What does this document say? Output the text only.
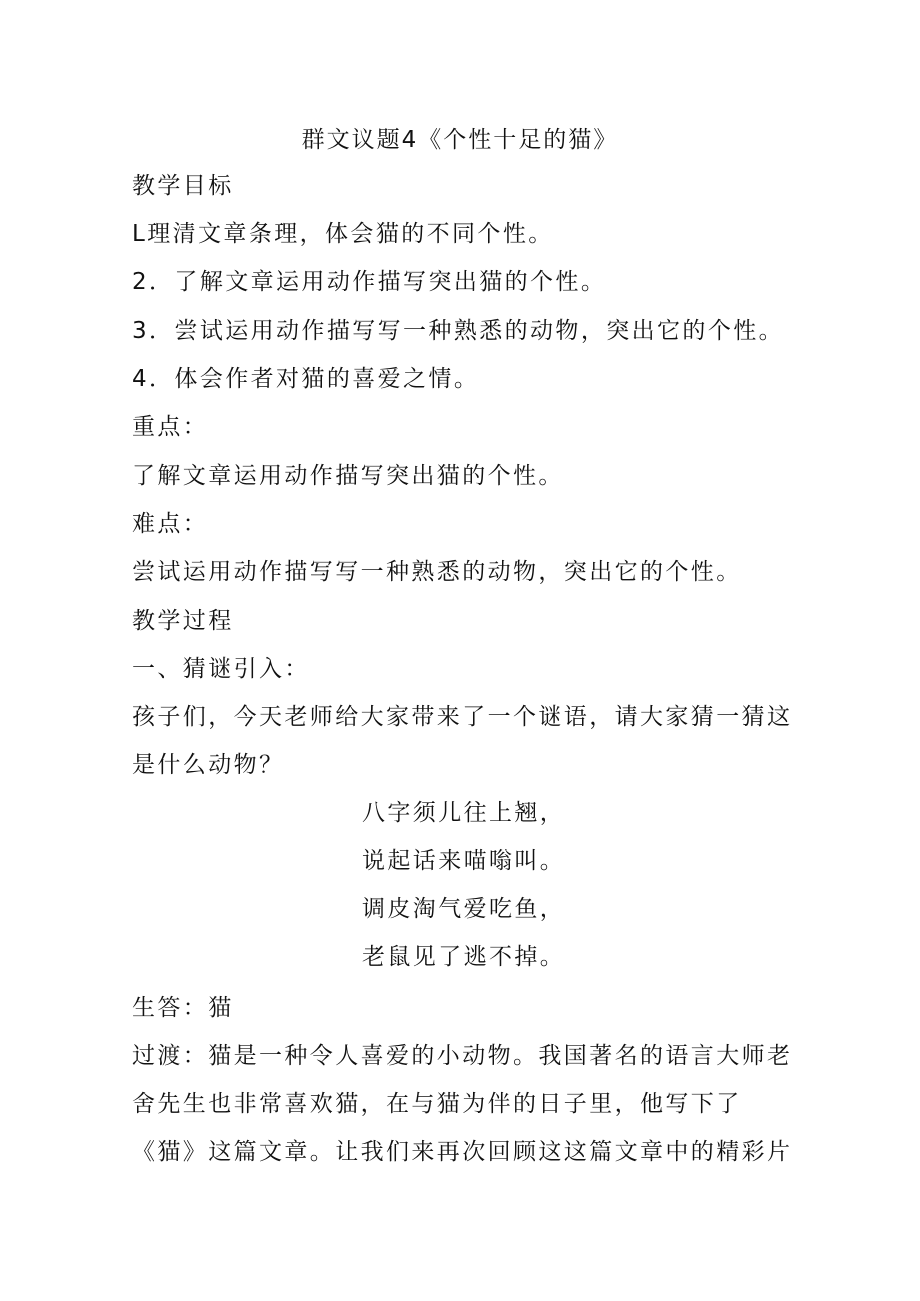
群文议题4《个性十足的猫》
教学目标
L理清文章条理，体会猫的不同个性。
2．了解文章运用动作描写突出猫的个性。
3．尝试运用动作描写写一种熟悉的动物，突出它的个性。
4．体会作者对猫的喜爱之情。
重点：
了解文章运用动作描写突出猫的个性。
难点：
尝试运用动作描写写一种熟悉的动物，突出它的个性。
教学过程
一、猜谜引入：
孩子们，今天老师给大家带来了一个谜语，请大家猜一猜这
是什么动物？
八字须儿往上翘，
说起话来喵嗡叫。
调皮淘气爱吃鱼，
老鼠见了逃不掉。
生答：猫
过渡：猫是一种令人喜爱的小动物。我国著名的语言大师老
舍先生也非常喜欢猫，在与猫为伴的日子里，他写下了
《猫》这篇文章。让我们来再次回顾这这篇文章中的精彩片
